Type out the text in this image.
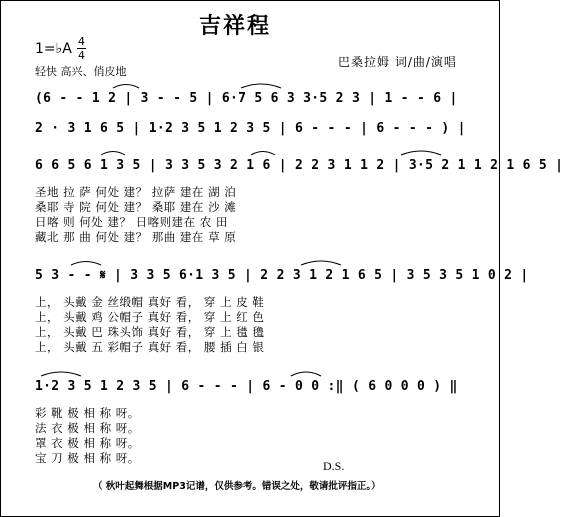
吉祥程
1=♭A 4
4
轻快 高兴、俏皮地
巴桑拉姆 词/曲/演唱
(6 - - 1 2 | 3 - - 5 | 6·7 5 6 3 3·5 2 3 | 1 - - 6 |
2 · 3 1 6 5 | 1·2 3 5 1 2 3 5 | 6 - - - | 6 - - - ) |
6 6 5 6 1 3 5 | 3 3 5 3 2 1 6 | 2 2 3 1 1 2 | 3·5 2 1 1 2 1 6 5 |
圣地 拉 萨 何处 建？ 拉萨 建在 湖 泊
桑耶 寺 院 何处 建？ 桑耶 建在 沙 滩
日喀 则 何处 建？ 日喀则建在 农 田
藏北 那 曲 何处 建？ 那曲 建在 草 原
5 3 - - 𝄋 | 3 3 5 6·1 3 5 | 2 2 3 1 2 1 6 5 | 3 5 3 5 1 0 2 |
上， 头戴 金 丝缎帽 真好 看， 穿 上 皮 鞋
上， 头戴 鸡 公帽子 真好 看， 穿 上 红 色
上， 头戴 巴 珠头饰 真好 看， 穿 上 氆 氇
上， 头戴 五 彩帽子 真好 看， 腰 插 白 银
1·2 3 5 1 2 3 5 | 6 - - - | 6 - 0 0 :‖ ( 6 0 0 0 ) ‖
彩 靴 极 相 称 呀。
法 衣 极 相 称 呀。
罩 衣 极 相 称 呀。
宝 刀 极 相 称 呀。
D.S.
（ 秋叶起舞根据MP3记谱，仅供参考。错误之处，敬请批评指正。）
